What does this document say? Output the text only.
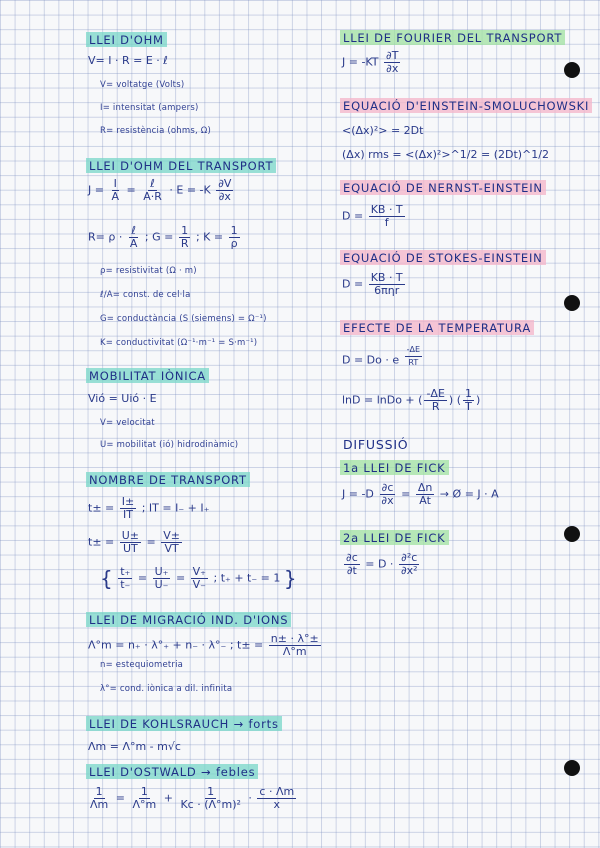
LLEI D'OHM
V= I · R = E · ℓ
V= voltatge (Volts)
I= intensitat (ampers)
R= resistència (ohms, Ω)
LLEI D'OHM DEL TRANSPORT
$J = \frac{I}{A} = \frac{\text{ℓ}}{A\cdot R} \cdot E = -K \frac{\partial V}{\partial x}$
$R= \rho \cdot \frac{\text{ℓ}}{A}$ ; $G = \frac{1}{R}$ ; $K = \frac{1}{\rho}$
ρ= resistivitat (Ω · m)
ℓ/A= const. de cel·la
G= conductància (S (siemens) = Ω⁻¹)
K= conductivitat (Ω⁻¹·m⁻¹ = S·m⁻¹)
MOBILITAT IÒNICA
Vió = Uió · E
V= velocitat
U= mobilitat (ió) hidrodinàmic)
NOMBRE DE TRANSPORT
$t\pm = \frac{I\pm}{IT}$ ; IT = I₋ + I₊
$t\pm = \frac{U\pm}{UT} = \frac{V\pm}{VT}$
{ $\frac{t_+}{t_-} = \frac{U_+}{U_-} = \frac{V_+}{V_-}$ ; t₊ + t₋ = 1 }
LLEI DE MIGRACIÓ IND. D'IONS
Λ°m = n₊ · λ°₊ + n₋ · λ°₋ ; $t\pm = \frac{n\pm \cdot \lambda^\circ\pm}{\Lambda^\circ m}$
n= estequiometria
λ°= cond. iònica a dil. infinita
LLEI DE KOHLSRAUCH → forts
Λm = Λ°m - m√c
LLEI D'OSTWALD → febles
$\frac{1}{\Lambda m} = \frac{1}{\Lambda^\circ m} + \frac{1}{\text{Kc · (Λ°m)²}} \cdot \frac{c \cdot \Lambda m}{x}$
LLEI DE FOURIER DEL TRANSPORT
$J = -KT \frac{\partial T}{\partial x}$
EQUACIÓ D'EINSTEIN-SMOLUCHOWSKI
<(Δx)²> = 2Dt
(Δx) rms = <(Δx)²>^1/2 = (2Dt)^1/2
EQUACIÓ DE NERNST-EINSTEIN
$D = \frac{KB \cdot T}{f}$
EQUACIÓ DE STOKES-EINSTEIN
$D = \frac{KB \cdot T}{\text{6πηr}}$
EFECTE DE LA TEMPERATURA
D = Do · e $^{\frac{-\Delta E}{RT}}$
lnD = lnDo + ( $\frac{-\Delta E}{R}$ ) ( $\frac{1}{T}$ )
DIFUSSIÓ
1a LLEI DE FICK
$J = -D \frac{\partial c}{\partial x} = \frac{\Delta n}{At}$ → Ø = J · A
2a LLEI DE FICK
$\frac{\partial c}{\partial t} = D \cdot \frac{\text{∂²c}}{\text{∂x²}}$
